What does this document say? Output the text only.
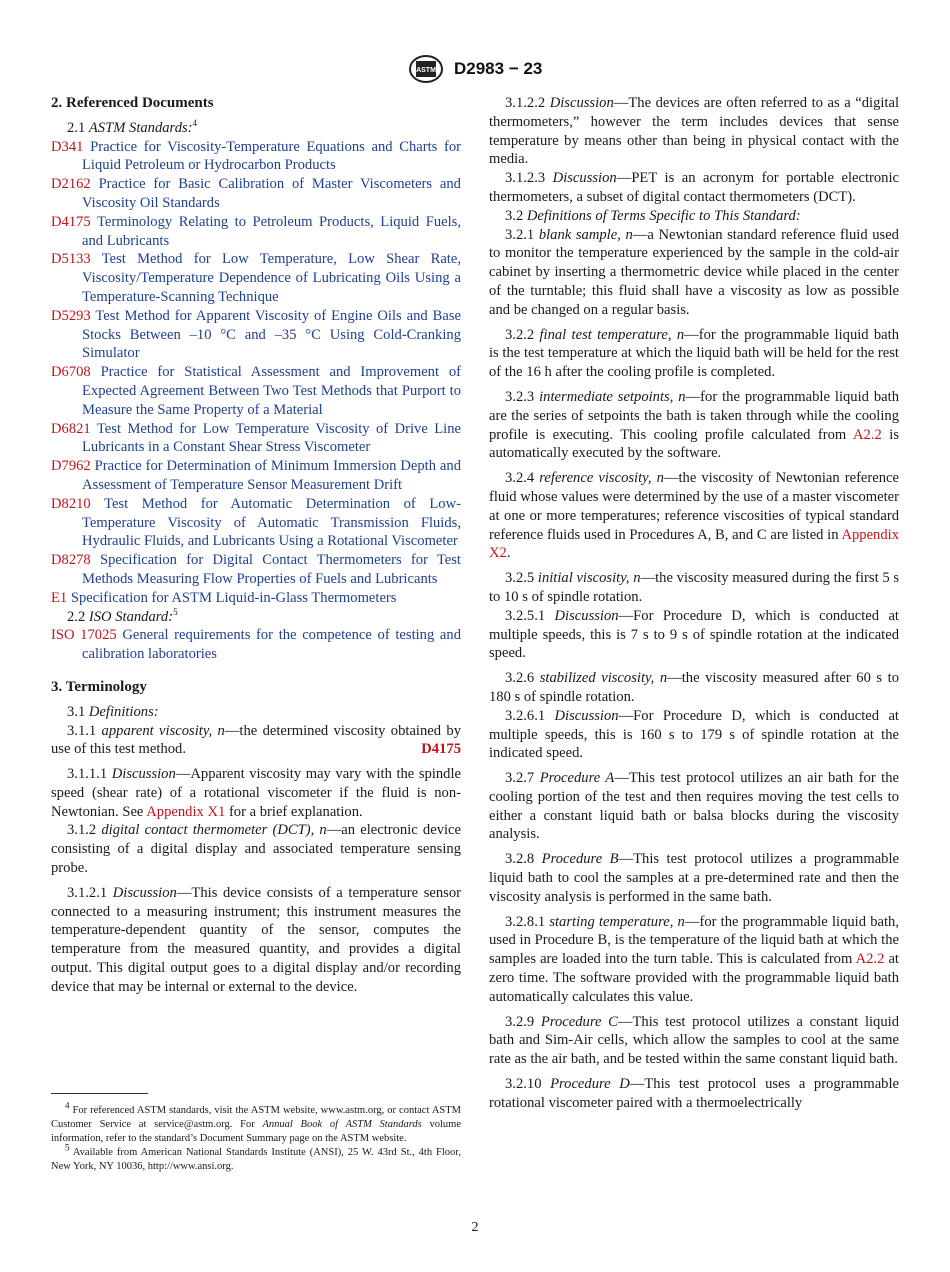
ASTM D2983 − 23

2. Referenced Documents

2.1 ASTM Standards:$^4$

D341 Practice for Viscosity-Temperature Equations and Charts for Liquid Petroleum or Hydrocarbon Products

D2162 Practice for Basic Calibration of Master Viscometers and Viscosity Oil Standards

D4175 Terminology Relating to Petroleum Products, Liquid Fuels, and Lubricants

D5133 Test Method for Low Temperature, Low Shear Rate, Viscosity/Temperature Dependence of Lubricating Oils Using a Temperature-Scanning Technique

D5293 Test Method for Apparent Viscosity of Engine Oils and Base Stocks Between –10 °C and –35 °C Using Cold-Cranking Simulator

D6708 Practice for Statistical Assessment and Improvement of Expected Agreement Between Two Test Methods that Purport to Measure the Same Property of a Material

D6821 Test Method for Low Temperature Viscosity of Drive Line Lubricants in a Constant Shear Stress Viscometer

D7962 Practice for Determination of Minimum Immersion Depth and Assessment of Temperature Sensor Measurement Drift

D8210 Test Method for Automatic Determination of Low-Temperature Viscosity of Automatic Transmission Fluids, Hydraulic Fluids, and Lubricants Using a Rotational Viscometer

D8278 Specification for Digital Contact Thermometers for Test Methods Measuring Flow Properties of Fuels and Lubricants

E1 Specification for ASTM Liquid-in-Glass Thermometers

2.2 ISO Standard:$^5$

ISO 17025 General requirements for the competence of testing and calibration laboratories

3. Terminology

3.1 Definitions:

3.1.1 apparent viscosity, n—the determined viscosity obtained by use of this test method.	D4175

3.1.1.1 Discussion—Apparent viscosity may vary with the spindle speed (shear rate) of a rotational viscometer if the fluid is non-Newtonian. See Appendix X1 for a brief explanation.

3.1.2 digital contact thermometer (DCT), n—an electronic device consisting of a digital display and associated temperature sensing probe.

3.1.2.1 Discussion—This device consists of a temperature sensor connected to a measuring instrument; this instrument measures the temperature-dependent quantity of the sensor, computes the temperature from the measured quantity, and provides a digital output. This digital output goes to a digital display and/or recording device that may be internal or external to the device.

$^4$ For referenced ASTM standards, visit the ASTM website, www.astm.org, or contact ASTM Customer Service at service@astm.org. For Annual Book of ASTM Standards volume information, refer to the standard’s Document Summary page on the ASTM website.

$^5$ Available from American National Standards Institute (ANSI), 25 W. 43rd St., 4th Floor, New York, NY 10036, http://www.ansi.org.

3.1.2.2 Discussion—The devices are often referred to as a “digital thermometers,” however the term includes devices that sense temperature by means other than being in physical contact with the media.

3.1.2.3 Discussion—PET is an acronym for portable electronic thermometers, a subset of digital contact thermometers (DCT).

3.2 Definitions of Terms Specific to This Standard:

3.2.1 blank sample, n—a Newtonian standard reference fluid used to monitor the temperature experienced by the sample in the cold-air cabinet by inserting a thermometric device while placed in the center of the turntable; this fluid shall have a viscosity as low as possible and be changed on a regular basis.

3.2.2 final test temperature, n—for the programmable liquid bath is the test temperature at which the liquid bath will be held for the rest of the 16 h after the cooling profile is completed.

3.2.3 intermediate setpoints, n—for the programmable liquid bath are the series of setpoints the bath is taken through while the cooling profile is executing. This cooling profile calculated from A2.2 is automatically executed by the software.

3.2.4 reference viscosity, n—the viscosity of Newtonian reference fluid whose values were determined by the use of a master viscometer at one or more temperatures; reference viscosities of typical standard reference fluids used in Procedures A, B, and C are listed in Appendix X2.

3.2.5 initial viscosity, n—the viscosity measured during the first 5 s to 10 s of spindle rotation.

3.2.5.1 Discussion—For Procedure D, which is conducted at multiple speeds, this is 7 s to 9 s of spindle rotation at the indicated speed.

3.2.6 stabilized viscosity, n—the viscosity measured after 60 s to 180 s of spindle rotation.

3.2.6.1 Discussion—For Procedure D, which is conducted at multiple speeds, this is 160 s to 179 s of spindle rotation at the indicated speed.

3.2.7 Procedure A—This test protocol utilizes an air bath for the cooling portion of the test and then requires moving the test cells to either a constant liquid bath or balsa blocks during the viscosity analysis.

3.2.8 Procedure B—This test protocol utilizes a programmable liquid bath to cool the samples at a pre-determined rate and then the viscosity analysis is performed in the same bath.

3.2.8.1 starting temperature, n—for the programmable liquid bath, used in Procedure B, is the temperature of the liquid bath at which the samples are loaded into the turn table. This is calculated from A2.2 at zero time. The software provided with the programmable liquid bath automatically calculates this value.

3.2.9 Procedure C—This test protocol utilizes a constant liquid bath and Sim-Air cells, which allow the samples to cool at the same rate as the air bath, and be tested within the same constant liquid bath.

3.2.10 Procedure D—This test protocol uses a programmable rotational viscometer paired with a thermoelectrically

2
